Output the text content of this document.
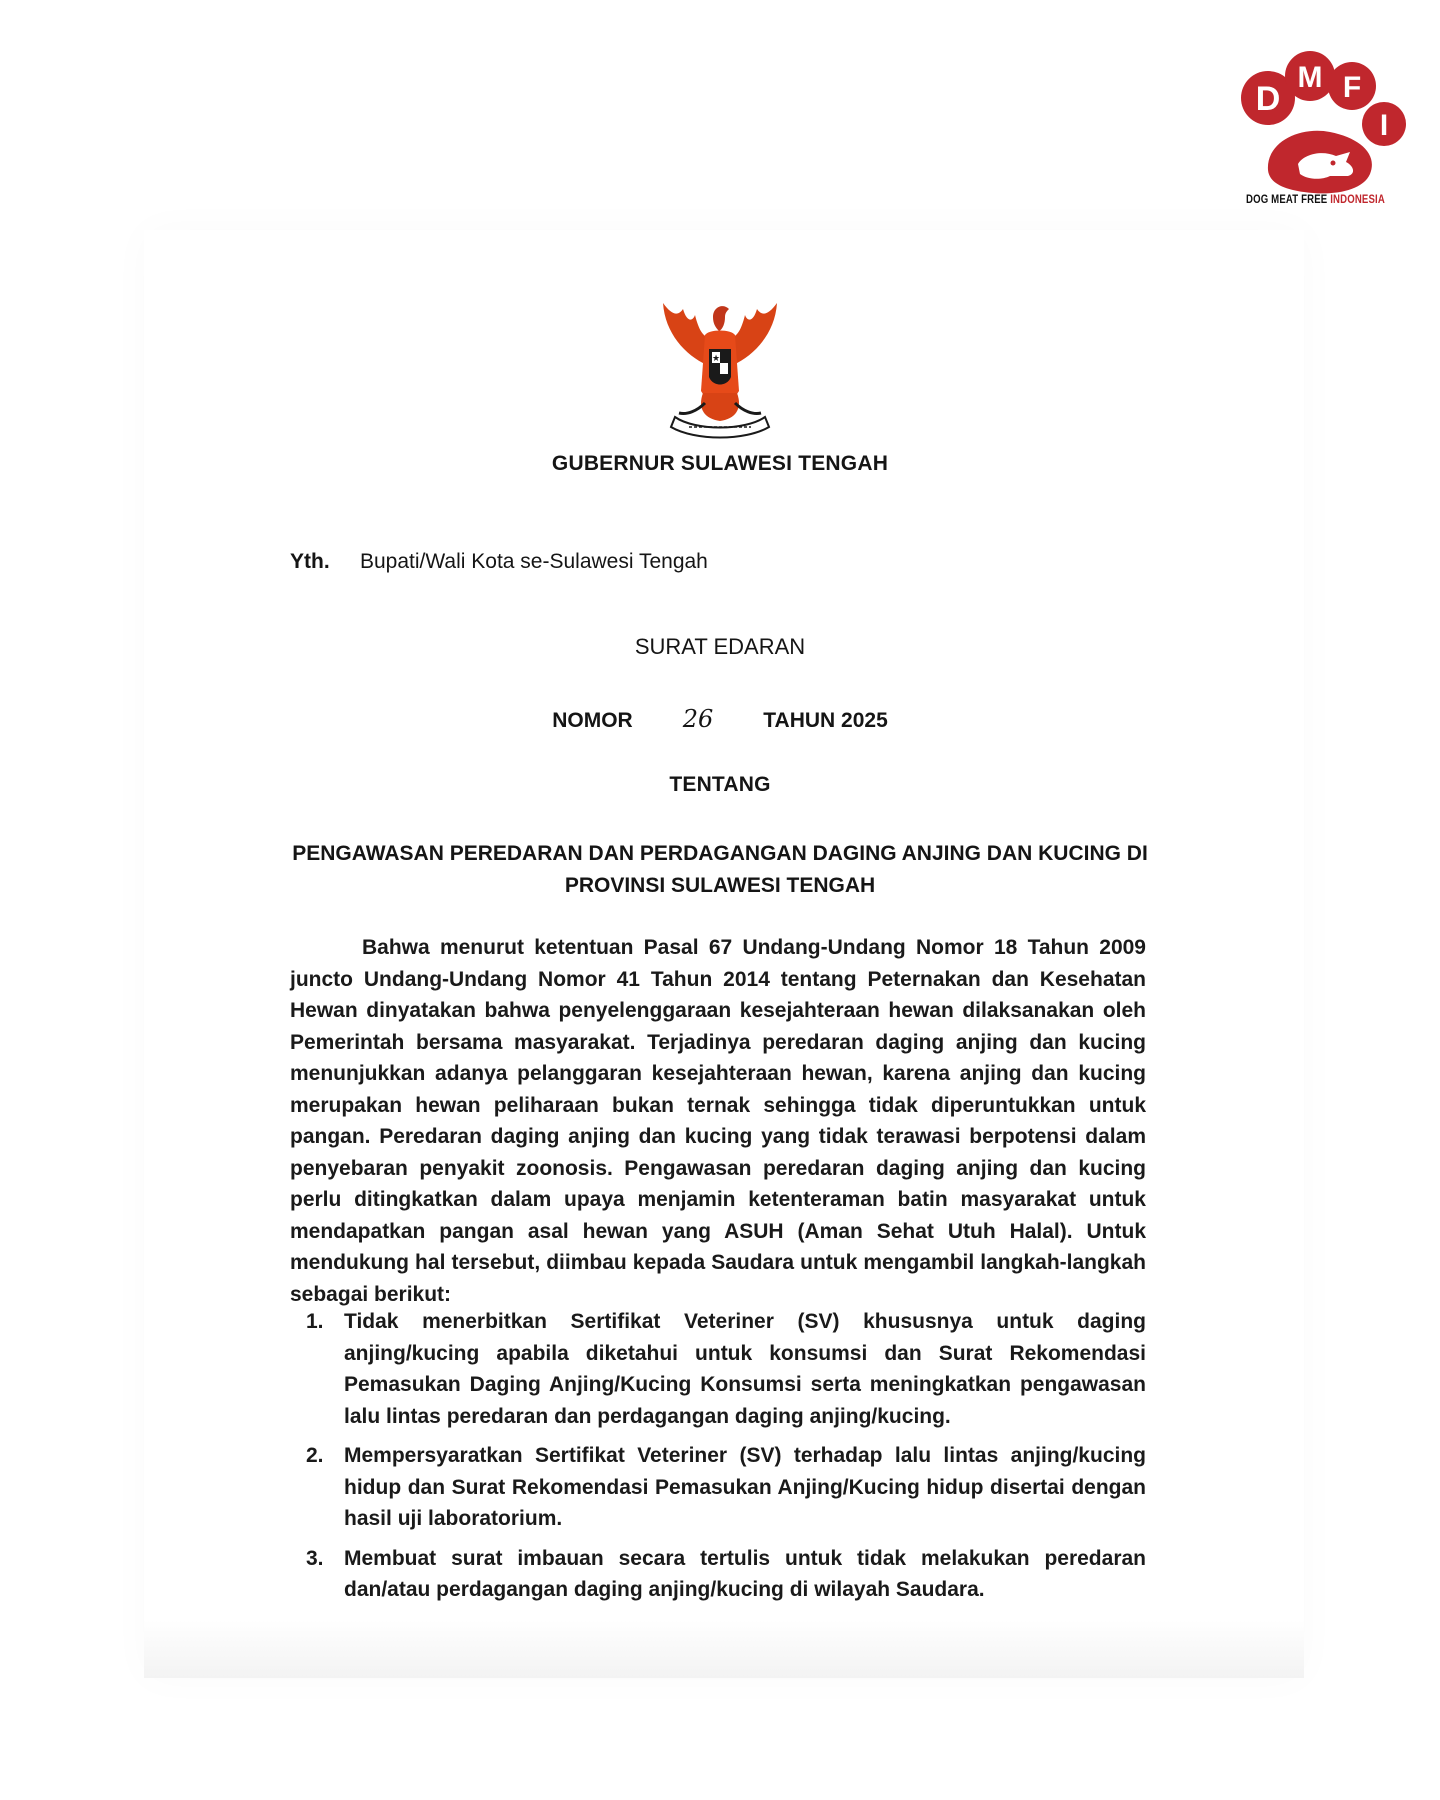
D
M F
I
DOG MEAT FREE INDONESIA
★
GUBERNUR SULAWESI TENGAH
Yth. Bupati/Wali Kota se-Sulawesi Tengah
SURAT EDARAN
NOMOR 26 TAHUN 2025
TENTANG
PENGAWASAN PEREDARAN DAN PERDAGANGAN DAGING ANJING DAN KUCING DI PROVINSI SULAWESI TENGAH
Bahwa menurut ketentuan Pasal 67 Undang-Undang Nomor 18 Tahun 2009 juncto Undang-Undang Nomor 41 Tahun 2014 tentang Peternakan dan Kesehatan Hewan dinyatakan bahwa penyelenggaraan kesejahteraan hewan dilaksanakan oleh Pemerintah bersama masyarakat. Terjadinya peredaran daging anjing dan kucing menunjukkan adanya pelanggaran kesejahteraan hewan, karena anjing dan kucing merupakan hewan peliharaan bukan ternak sehingga tidak diperuntukkan untuk pangan. Peredaran daging anjing dan kucing yang tidak terawasi berpotensi dalam penyebaran penyakit zoonosis. Pengawasan peredaran daging anjing dan kucing perlu ditingkatkan dalam upaya menjamin ketenteraman batin masyarakat untuk mendapatkan pangan asal hewan yang ASUH (Aman Sehat Utuh Halal). Untuk mendukung hal tersebut, diimbau kepada Saudara untuk mengambil langkah-langkah sebagai berikut:
1. Tidak menerbitkan Sertifikat Veteriner (SV) khususnya untuk daging anjing/kucing apabila diketahui untuk konsumsi dan Surat Rekomendasi Pemasukan Daging Anjing/Kucing Konsumsi serta meningkatkan pengawasan lalu lintas peredaran dan perdagangan daging anjing/kucing.
2. Mempersyaratkan Sertifikat Veteriner (SV) terhadap lalu lintas anjing/kucing hidup dan Surat Rekomendasi Pemasukan Anjing/Kucing hidup disertai dengan hasil uji laboratorium.
3. Membuat surat imbauan secara tertulis untuk tidak melakukan peredaran dan/atau perdagangan daging anjing/kucing di wilayah Saudara.
